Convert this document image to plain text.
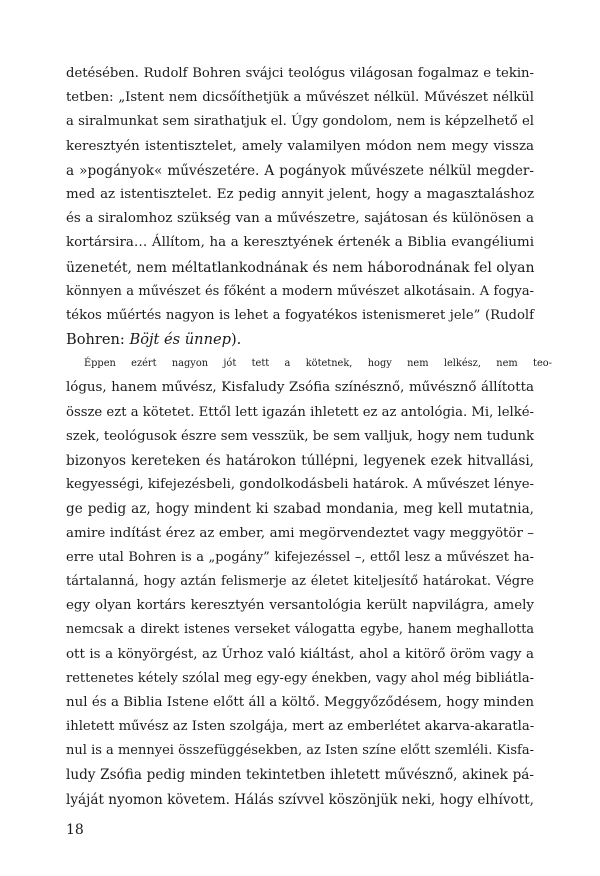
detésében. Rudolf Bohren svájci teológus világosan fogalmaz e tekin-
tetben: „Istent nem dicsőíthetjük a művészet nélkül. Művészet nélkül
a siralmunkat sem sirathatjuk el. Úgy gondolom, nem is képzelhető el
keresztyén istentisztelet, amely valamilyen módon nem megy vissza
a »pogányok« művészetére. A pogányok művészete nélkül megder-
med az istentisztelet. Ez pedig annyit jelent, hogy a magasztaláshoz
és a siralomhoz szükség van a művészetre, sajátosan és különösen a
kortársira… Állítom, ha a keresztyének értenék a Biblia evangéliumi
üzenetét, nem méltatlankodnának és nem háborodnának fel olyan
könnyen a művészet és főként a modern művészet alkotásain. A fogya-
tékos műértés nagyon is lehet a fogyatékos istenismeret jele” (Rudolf
Bohren: Böjt és ünnep).
Éppen ezért nagyon jót tett a kötetnek, hogy nem lelkész, nem teo-
lógus, hanem művész, Kisfaludy Zsófia színésznő, művésznő állította
össze ezt a kötetet. Ettől lett igazán ihletett ez az antológia. Mi, lelké-
szek, teológusok észre sem vesszük, be sem valljuk, hogy nem tudunk
bizonyos kereteken és határokon túllépni, legyenek ezek hitvallási,
kegyességi, kifejezésbeli, gondolkodásbeli határok. A művészet lénye-
ge pedig az, hogy mindent ki szabad mondania, meg kell mutatnia,
amire indítást érez az ember, ami megörvendeztet vagy meggyötör –
erre utal Bohren is a „pogány” kifejezéssel –, ettől lesz a művészet ha-
tártalanná, hogy aztán felismerje az életet kiteljesítő határokat. Végre
egy olyan kortárs keresztyén versantológia került napvilágra, amely
nemcsak a direkt istenes verseket válogatta egybe, hanem meghallotta
ott is a könyörgést, az Úrhoz való kiáltást, ahol a kitörő öröm vagy a
rettenetes kétely szólal meg egy-egy énekben, vagy ahol még bibliátla-
nul és a Biblia Istene előtt áll a költő. Meggyőződésem, hogy minden
ihletett művész az Isten szolgája, mert az emberlétet akarva-akaratla-
nul is a mennyei összefüggésekben, az Isten színe előtt szemléli. Kisfa-
ludy Zsófia pedig minden tekintetben ihletett művésznő, akinek pá-
lyáját nyomon követem. Hálás szívvel köszönjük neki, hogy elhívott,
18
